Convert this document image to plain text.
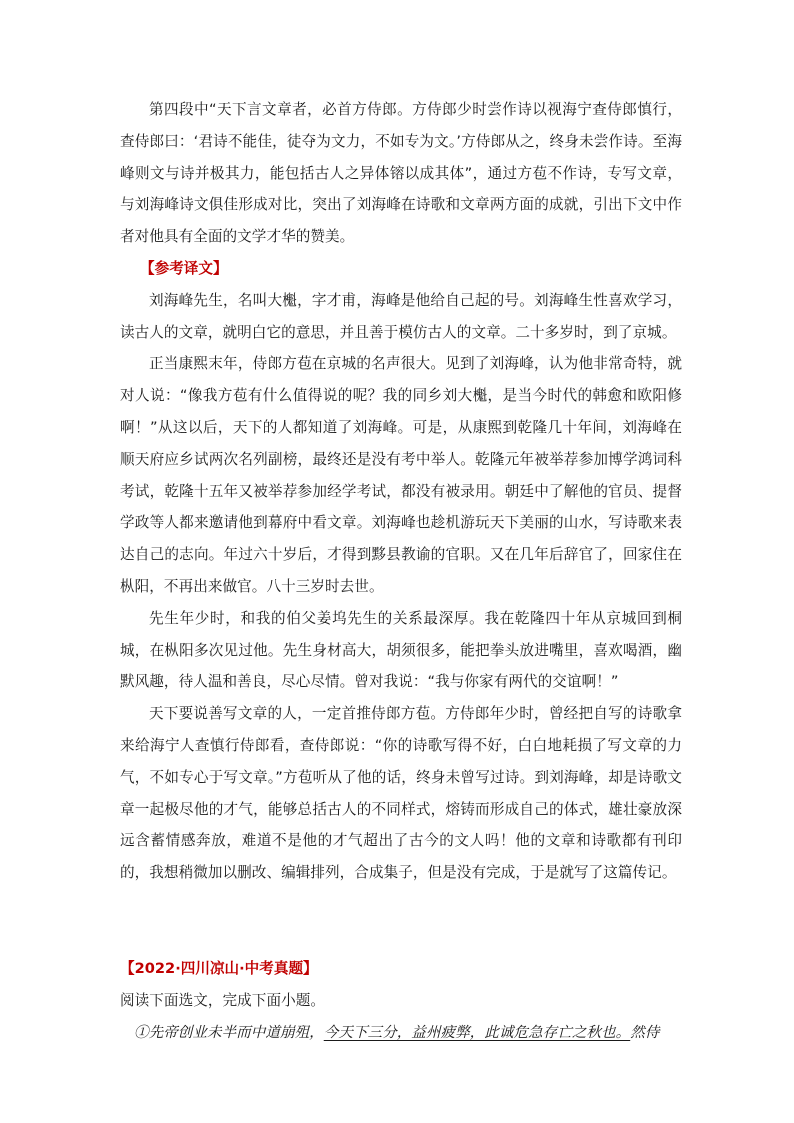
第四段中“天下言文章者，必首方侍郎。方侍郎少时尝作诗以视海宁查侍郎慎行，查侍郎曰：‘君诗不能佳，徒夺为文力，不如专为文。’方侍郎从之，终身未尝作诗。至海峰则文与诗并极其力，能包括古人之异体镕以成其体”，通过方苞不作诗，专写文章，与刘海峰诗文俱佳形成对比，突出了刘海峰在诗歌和文章两方面的成就，引出下文中作者对他具有全面的文学才华的赞美。

【参考译文】

刘海峰先生，名叫大櫆，字才甫，海峰是他给自己起的号。刘海峰生性喜欢学习，读古人的文章，就明白它的意思，并且善于模仿古人的文章。二十多岁时，到了京城。

正当康熙末年，侍郎方苞在京城的名声很大。见到了刘海峰，认为他非常奇特，就对人说：“像我方苞有什么值得说的呢？我的同乡刘大櫆，是当今时代的韩愈和欧阳修啊！”从这以后，天下的人都知道了刘海峰。可是，从康熙到乾隆几十年间，刘海峰在顺天府应乡试两次名列副榜，最终还是没有考中举人。乾隆元年被举荐参加博学鸿词科考试，乾隆十五年又被举荐参加经学考试，都没有被录用。朝廷中了解他的官员、提督学政等人都来邀请他到幕府中看文章。刘海峰也趁机游玩天下美丽的山水，写诗歌来表达自己的志向。年过六十岁后，才得到黟县教谕的官职。又在几年后辞官了，回家住在枞阳，不再出来做官。八十三岁时去世。

先生年少时，和我的伯父姜坞先生的关系最深厚。我在乾隆四十年从京城回到桐城，在枞阳多次见过他。先生身材高大，胡须很多，能把拳头放进嘴里，喜欢喝酒，幽默风趣，待人温和善良，尽心尽情。曾对我说：“我与你家有两代的交谊啊！”

天下要说善写文章的人，一定首推侍郎方苞。方侍郎年少时，曾经把自写的诗歌拿来给海宁人查慎行侍郎看，查侍郎说：“你的诗歌写得不好，白白地耗损了写文章的力气，不如专心于写文章。”方苞听从了他的话，终身未曾写过诗。到刘海峰，却是诗歌文章一起极尽他的才气，能够总括古人的不同样式，熔铸而形成自己的体式，雄壮豪放深远含蓄情感奔放，难道不是他的才气超出了古今的文人吗！他的文章和诗歌都有刊印的，我想稍微加以删改、编辑排列，合成集子，但是没有完成，于是就写了这篇传记。

【2022·四川凉山·中考真题】

阅读下面选文，完成下面小题。

①先帝创业未半而中道崩殂，今天下三分，益州疲弊，此诚危急存亡之秋也。然侍
